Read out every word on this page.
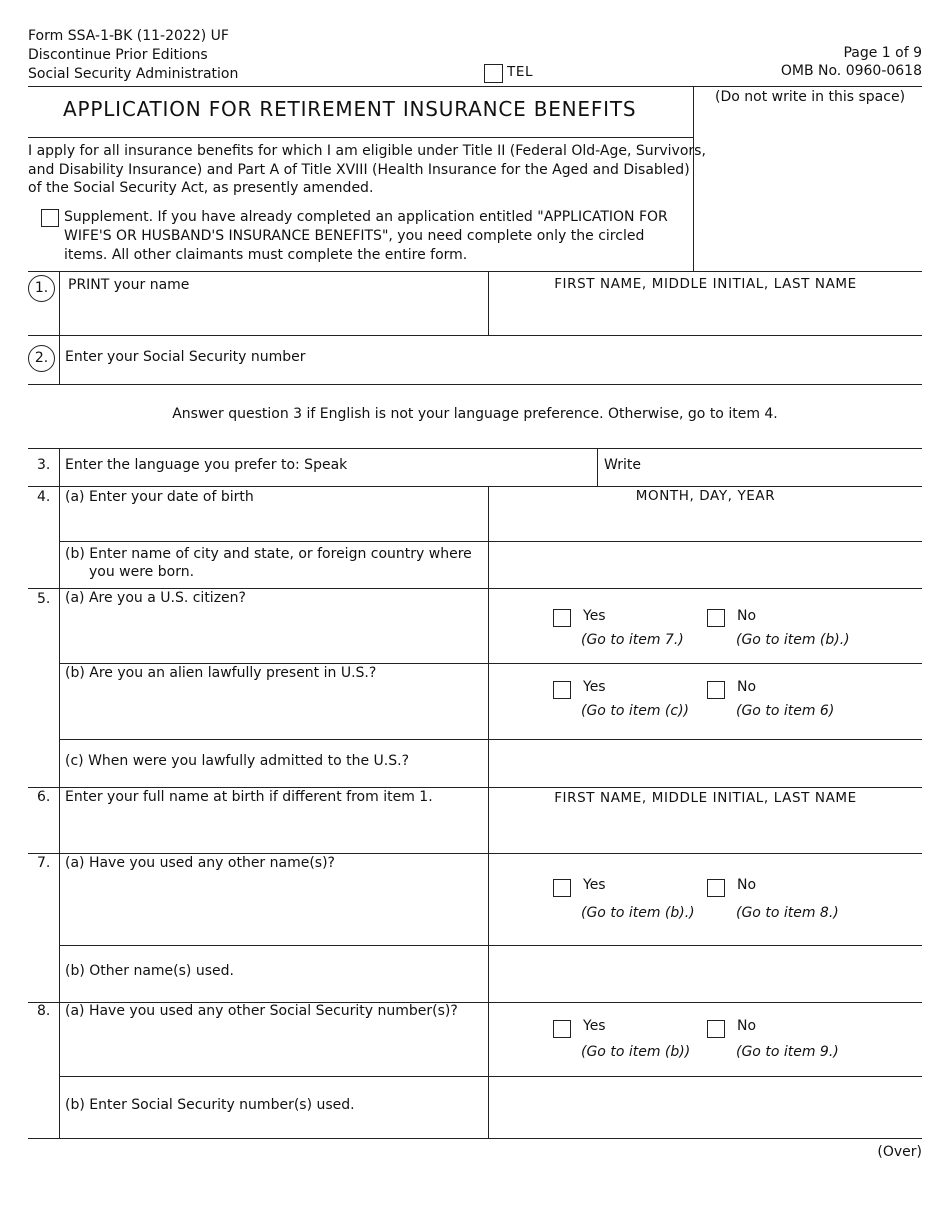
Form SSA-1-BK (11-2022) UF
Discontinue Prior Editions
Social Security Administration	TEL
Page 1 of 9
OMB No. 0960-0618
APPLICATION FOR RETIREMENT INSURANCE BENEFITS	(Do not write in this space)
I apply for all insurance benefits for which I am eligible under Title II (Federal Old-Age, Survivors,
and Disability Insurance) and Part A of Title XVIII (Health Insurance for the Aged and Disabled)
of the Social Security Act, as presently amended.
Supplement. If you have already completed an application entitled "APPLICATION FOR
WIFE'S OR HUSBAND'S INSURANCE BENEFITS", you need complete only the circled
items. All other claimants must complete the entire form.
1.	PRINT your name	FIRST NAME, MIDDLE INITIAL, LAST NAME
2.	Enter your Social Security number
Answer question 3 if English is not your language preference. Otherwise, go to item 4.
3. Enter the language you prefer to: Speak	Write
4. (a) Enter your date of birth	MONTH, DAY, YEAR
(b) Enter name of city and state, or foreign country where
you were born.
5. (a) Are you a U.S. citizen?
Yes
(Go to item 7.)
No
(Go to item (b).)
(b) Are you an alien lawfully present in U.S.?
Yes
(Go to item (c))
No
(Go to item 6)
(c) When were you lawfully admitted to the U.S.?
6. Enter your full name at birth if different from item 1.	FIRST NAME, MIDDLE INITIAL, LAST NAME
7. (a) Have you used any other name(s)?
Yes
(Go to item (b).)
No
(Go to item 8.)
(b) Other name(s) used.
8. (a) Have you used any other Social Security number(s)?
Yes
(Go to item (b))
No
(Go to item 9.)
(b) Enter Social Security number(s) used.
(Over)
